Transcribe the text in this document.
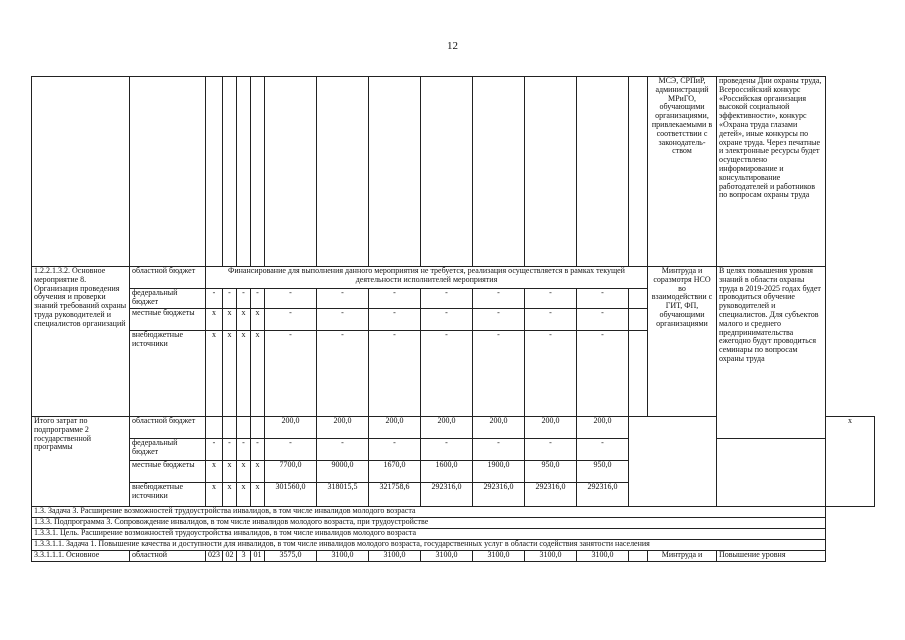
12
														МСЭ, СРПиР, администраций МРиГО, обучающими организациями, привлекаемыми в соответствии с законодатель-ством	проведены Дни охраны труда, Всероссийский конкурс «Российская организация высокой социальной эффективности», конкурс «Охрана труда глазами детей», иные конкурсы по охране труда. Через печатные и электронные ресурсы будет осуществлено информирование и консультирование работодателей и работников по вопросам охраны труда	
1.2.2.1.3.2. Основное мероприятие 8. Организация проведения обучения и проверки знаний требований охраны труда руководителей и специалистов организаций	областной бюджет	Финансирование для выполнения данного мероприятия не требуется, реализация осуществляется в рамках текущей деятельности исполнителей мероприятия												Минтруда и соразмотря НСО во взаимодействии с ГИТ, ФП, обучающими организациями	В целях повышения уровня знаний в области охраны труда в 2019-2025 годах будет проводиться обучение руководителей и специалистов. Для субъектов малого и среднего предпринимательства ежегодно будут проводиться семинары по вопросам охраны труда	
	федеральный бюджет	-	-	-	-	-	-	-	-	-	-	-				
	местные бюджеты	х	х	х	х	-	-	-	-	-	-	-				
	внебюджетные источники	х	х	х	х	-	-	-	-	-	-	-				
Итого затрат по подпрограмме 2 государственной программы	областной бюджет					200,0	200,0	200,0	200,0	200,0	200,0	200,0				х
	федеральный бюджет	-	-	-	-	-	-	-	-	-	-	-				
	местные бюджеты	х	х	х	х	7700,0	9000,0	1670,0	1600,0	1900,0	950,0	950,0				
	внебюджетные источники	х	х	х	х	301560,0	318015,5	321758,6	292316,0	292316,0	292316,0	292316,0				
1.3. Задача 3. Расширение возможностей трудоустройства инвалидов, в том числе инвалидов молодого возраста																
1.3.3. Подпрограмма 3. Сопровождение инвалидов, в том числе инвалидов молодого возраста, при трудоустройстве																
1.3.3.1. Цель. Расширение возможностей трудоустройства инвалидов, в том числе инвалидов молодого возраста																
1.3.3.1.1. Задача 1. Повышение качества и доступности для инвалидов, в том числе инвалидов молодого возраста, государственных услуг в области содействия занятости населения																
3.3.1.1.1. Основное	областной	023	02	3	01	3575,0	3100,0	3100,0	3100,0	3100,0	3100,0	3100,0		Минтруда и	Повышение уровня	
